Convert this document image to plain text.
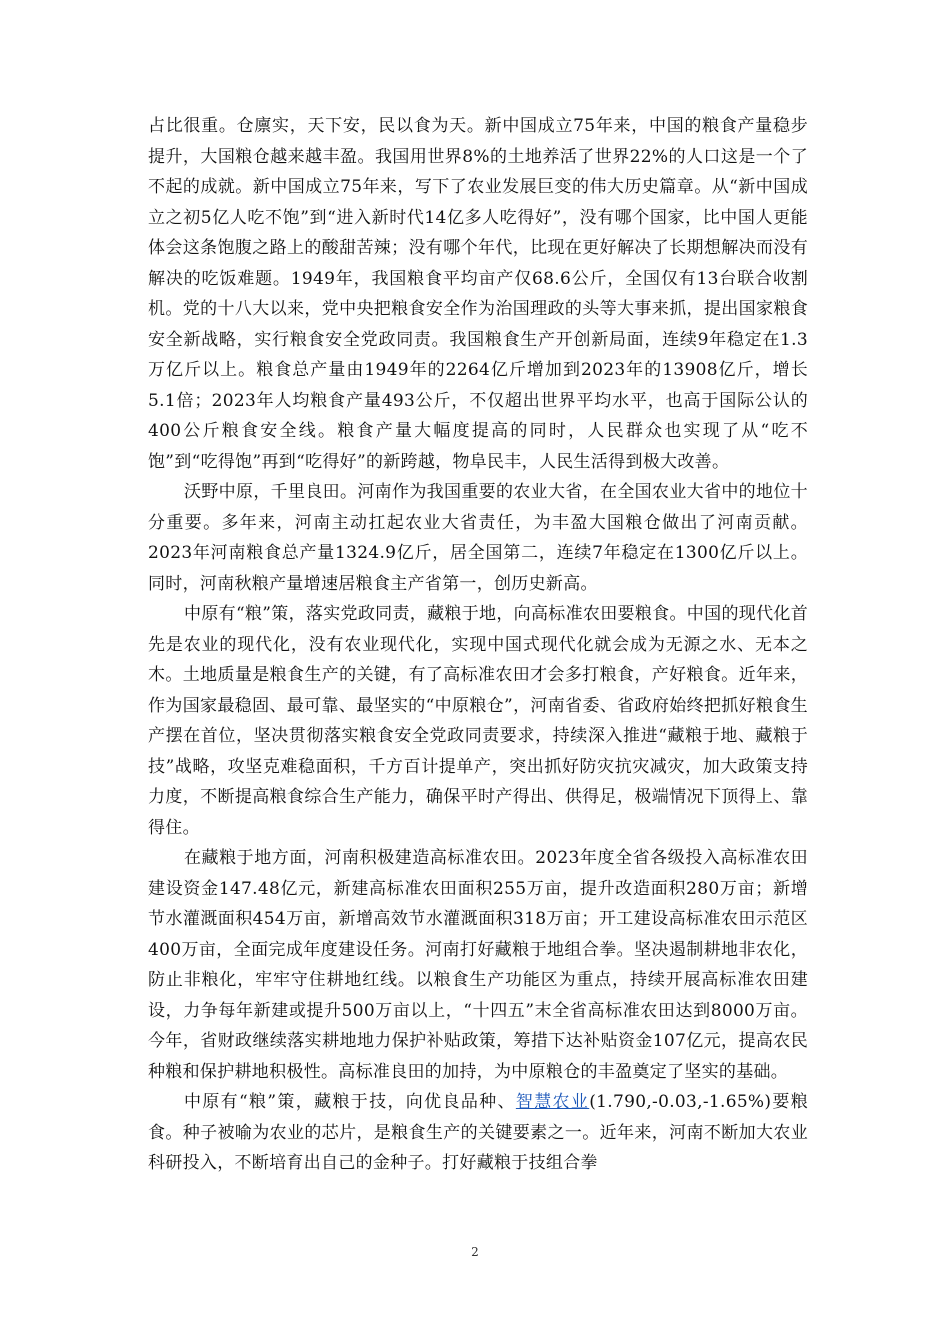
占比很重。仓廪实，天下安，民以食为天。新中国成立75年来，中国的粮食产量稳步提升，大国粮仓越来越丰盈。我国用世界8%的土地养活了世界22%的人口这是一个了不起的成就。新中国成立75年来，写下了农业发展巨变的伟大历史篇章。从“新中国成立之初5亿人吃不饱”到“进入新时代14亿多人吃得好”，没有哪个国家，比中国人更能体会这条饱腹之路上的酸甜苦辣；没有哪个年代，比现在更好解决了长期想解决而没有解决的吃饭难题。1949年，我国粮食平均亩产仅68.6公斤，全国仅有13台联合收割机。党的十八大以来，党中央把粮食安全作为治国理政的头等大事来抓，提出国家粮食安全新战略，实行粮食安全党政同责。我国粮食生产开创新局面，连续9年稳定在1.3万亿斤以上。粮食总产量由1949年的2264亿斤增加到2023年的13908亿斤，增长5.1倍；2023年人均粮食产量493公斤，不仅超出世界平均水平，也高于国际公认的400公斤粮食安全线。粮食产量大幅度提高的同时，人民群众也实现了从“吃不饱”到“吃得饱”再到“吃得好”的新跨越，物阜民丰，人民生活得到极大改善。

沃野中原，千里良田。河南作为我国重要的农业大省，在全国农业大省中的地位十分重要。多年来，河南主动扛起农业大省责任，为丰盈大国粮仓做出了河南贡献。2023年河南粮食总产量1324.9亿斤，居全国第二，连续7年稳定在1300亿斤以上。同时，河南秋粮产量增速居粮食主产省第一，创历史新高。

中原有“粮”策，落实党政同责，藏粮于地，向高标准农田要粮食。中国的现代化首先是农业的现代化，没有农业现代化，实现中国式现代化就会成为无源之水、无本之木。土地质量是粮食生产的关键，有了高标准农田才会多打粮食，产好粮食。近年来，作为国家最稳固、最可靠、最坚实的“中原粮仓”，河南省委、省政府始终把抓好粮食生产摆在首位，坚决贯彻落实粮食安全党政同责要求，持续深入推进“藏粮于地、藏粮于技”战略，攻坚克难稳面积，千方百计提单产，突出抓好防灾抗灾减灾，加大政策支持力度，不断提高粮食综合生产能力，确保平时产得出、供得足，极端情况下顶得上、靠得住。

在藏粮于地方面，河南积极建造高标准农田。2023年度全省各级投入高标准农田建设资金147.48亿元，新建高标准农田面积255万亩，提升改造面积280万亩；新增节水灌溉面积454万亩，新增高效节水灌溉面积318万亩；开工建设高标准农田示范区400万亩，全面完成年度建设任务。河南打好藏粮于地组合拳。坚决遏制耕地非农化，防止非粮化，牢牢守住耕地红线。以粮食生产功能区为重点，持续开展高标准农田建设，力争每年新建或提升500万亩以上，“十四五”末全省高标准农田达到8000万亩。今年，省财政继续落实耕地地力保护补贴政策，筹措下达补贴资金107亿元，提高农民种粮和保护耕地积极性。高标准良田的加持，为中原粮仓的丰盈奠定了坚实的基础。

中原有“粮”策，藏粮于技，向优良品种、智慧农业(1.790,-0.03,-1.65%)要粮食。种子被喻为农业的芯片，是粮食生产的关键要素之一。近年来，河南不断加大农业科研投入，不断培育出自己的金种子。打好藏粮于技组合拳

2
